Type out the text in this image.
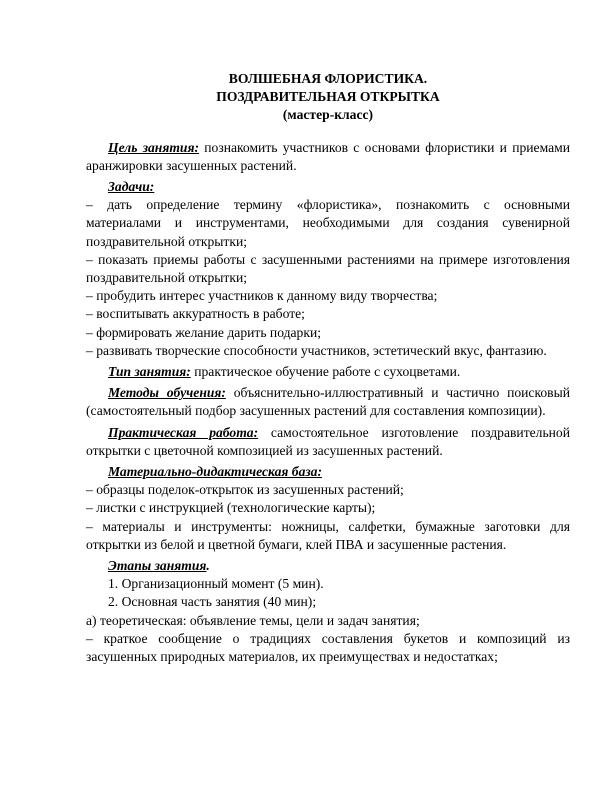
ВОЛШЕБНАЯ ФЛОРИСТИКА.

ПОЗДРАВИТЕЛЬНАЯ ОТКРЫТКА

(мастер-класс)

Цель занятия: познакомить участников с основами флористики и приемами аранжировки засушенных растений.

Задачи:

– дать определение термину «флористика», познакомить с основными материалами и инструментами, необходимыми для создания сувенирной поздравительной открытки;

– показать приемы работы с засушенными растениями на примере изготовления поздравительной открытки;

– пробудить интерес участников к данному виду творчества;

– воспитывать аккуратность в работе;

– формировать желание дарить подарки;

– развивать творческие способности участников, эстетический вкус, фантазию.

Тип занятия: практическое обучение работе с сухоцветами.

Методы обучения: объяснительно-иллюстративный и частично поисковый (самостоятельный подбор засушенных растений для составления композиции).

Практическая работа: самостоятельное изготовление поздравительной открытки с цветочной композицией из засушенных растений.

Материально-дидактическая база:

– образцы поделок-открыток из засушенных растений;

– листки с инструкцией (технологические карты);

– материалы и инструменты: ножницы, салфетки, бумажные заготовки для открытки из белой и цветной бумаги, клей ПВА и засушенные растения.

Этапы занятия.

1. Организационный момент (5 мин).

2. Основная часть занятия (40 мин);

а) теоретическая: объявление темы, цели и задач занятия;

– краткое сообщение о традициях составления букетов и композиций из засушенных природных материалов, их преимуществах и недостатках;
